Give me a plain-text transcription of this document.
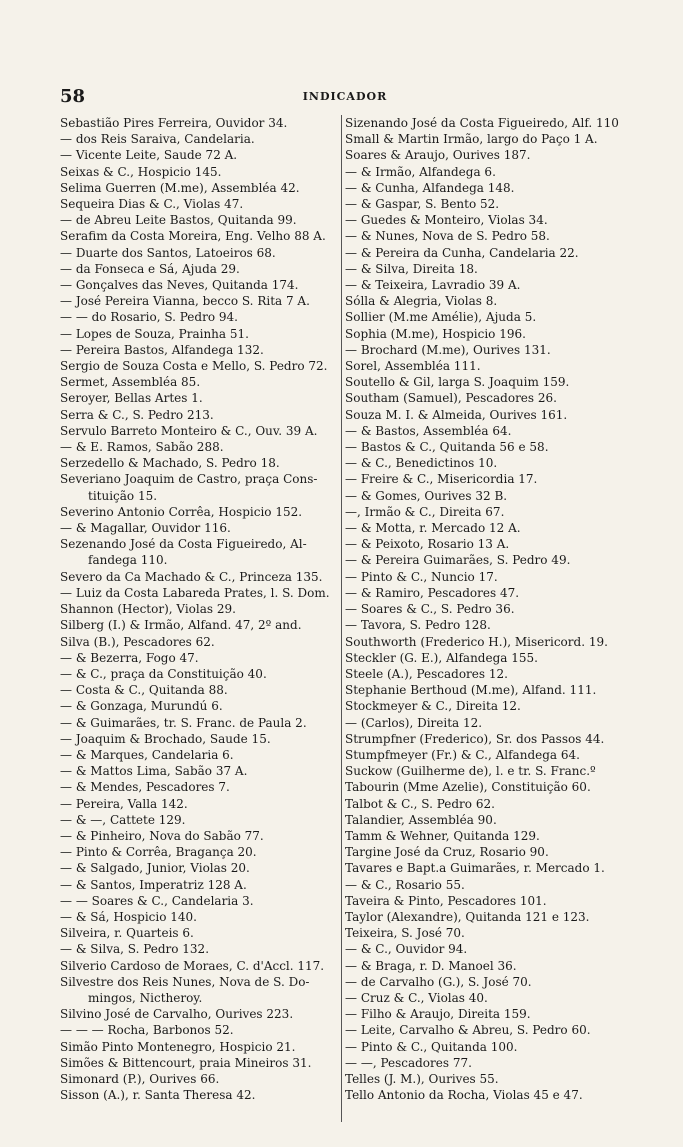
58	INDICADOR
Sebastião Pires Ferreira, Ouvidor 34.
— dos Reis Saraiva, Candelaria.
— Vicente Leite, Saude 72 A.
Seixas & C., Hospicio 145.
Selima Guerren (M.me), Assembléa 42.
Sequeira Dias & C., Violas 47.
— de Abreu Leite Bastos, Quitanda 99.
Serafim da Costa Moreira, Eng. Velho 88 A.
— Duarte dos Santos, Latoeiros 68.
— da Fonseca e Sá, Ajuda 29.
— Gonçalves das Neves, Quitanda 174.
— José Pereira Vianna, becco S. Rita 7 A.
— — do Rosario, S. Pedro 94.
— Lopes de Souza, Prainha 51.
— Pereira Bastos, Alfandega 132.
Sergio de Souza Costa e Mello, S. Pedro 72.
Sermet, Assembléa 85.
Seroyer, Bellas Artes 1.
Serra & C., S. Pedro 213.
Servulo Barreto Monteiro & C., Ouv. 39 A.
— & E. Ramos, Sabão 288.
Serzedello & Machado, S. Pedro 18.
Severiano Joaquim de Castro, praça Cons-
tituição 15.
Severino Antonio Corrêa, Hospicio 152.
— & Magallar, Ouvidor 116.
Sezenando José da Costa Figueiredo, Al-
fandega 110.
Severo da Ca Machado & C., Princeza 135.
— Luiz da Costa Labareda Prates, l. S. Dom.
Shannon (Hector), Violas 29.
Silberg (I.) & Irmão, Alfand. 47, 2º and.
Silva (B.), Pescadores 62.
— & Bezerra, Fogo 47.
— & C., praça da Constituição 40.
— Costa & C., Quitanda 88.
— & Gonzaga, Murundú 6.
— & Guimarães, tr. S. Franc. de Paula 2.
— Joaquim & Brochado, Saude 15.
— & Marques, Candelaria 6.
— & Mattos Lima, Sabão 37 A.
— & Mendes, Pescadores 7.
— Pereira, Valla 142.
— & —, Cattete 129.
— & Pinheiro, Nova do Sabão 77.
— Pinto & Corrêa, Bragança 20.
— & Salgado, Junior, Violas 20.
— & Santos, Imperatriz 128 A.
— — Soares & C., Candelaria 3.
— & Sá, Hospicio 140.
Silveira, r. Quarteis 6.
— & Silva, S. Pedro 132.
Silverio Cardoso de Moraes, C. d'Accl. 117.
Silvestre dos Reis Nunes, Nova de S. Do-
mingos, Nictheroy.
Silvino José de Carvalho, Ourives 223.
— — — Rocha, Barbonos 52.
Simão Pinto Montenegro, Hospicio 21.
Simões & Bittencourt, praia Mineiros 31.
Simonard (P.), Ourives 66.
Sisson (A.), r. Santa Theresa 42.
Sizenando José da Costa Figueiredo, Alf. 110
Small & Martin Irmão, largo do Paço 1 A.
Soares & Araujo, Ourives 187.
— & Irmão, Alfandega 6.
— & Cunha, Alfandega 148.
— & Gaspar, S. Bento 52.
— Guedes & Monteiro, Violas 34.
— & Nunes, Nova de S. Pedro 58.
— & Pereira da Cunha, Candelaria 22.
— & Silva, Direita 18.
— & Teixeira, Lavradio 39 A.
Sólla & Alegria, Violas 8.
Sollier (M.me Amélie), Ajuda 5.
Sophia (M.me), Hospicio 196.
— Brochard (M.me), Ourives 131.
Sorel, Assembléa 111.
Soutello & Gil, larga S. Joaquim 159.
Southam (Samuel), Pescadores 26.
Souza M. I. & Almeida, Ourives 161.
— & Bastos, Assembléa 64.
— Bastos & C., Quitanda 56 e 58.
— & C., Benedictinos 10.
— Freire & C., Misericordia 17.
— & Gomes, Ourives 32 B.
—, Irmão & C., Direita 67.
— & Motta, r. Mercado 12 A.
— & Peixoto, Rosario 13 A.
— & Pereira Guimarães, S. Pedro 49.
— Pinto & C., Nuncio 17.
— & Ramiro, Pescadores 47.
— Soares & C., S. Pedro 36.
— Tavora, S. Pedro 128.
Southworth (Frederico H.), Misericord. 19.
Steckler (G. E.), Alfandega 155.
Steele (A.), Pescadores 12.
Stephanie Berthoud (M.me), Alfand. 111.
Stockmeyer & C., Direita 12.
— (Carlos), Direita 12.
Strumpfner (Frederico), Sr. dos Passos 44.
Stumpfmeyer (Fr.) & C., Alfandega 64.
Suckow (Guilherme de), l. e tr. S. Franc.º
Tabourin (Mme Azelie), Constituição 60.
Talbot & C., S. Pedro 62.
Talandier, Assembléa 90.
Tamm & Wehner, Quitanda 129.
Targine José da Cruz, Rosario 90.
Tavares e Bapt.a Guimarães, r. Mercado 1.
— & C., Rosario 55.
Taveira & Pinto, Pescadores 101.
Taylor (Alexandre), Quitanda 121 e 123.
Teixeira, S. José 70.
— & C., Ouvidor 94.
— & Braga, r. D. Manoel 36.
— de Carvalho (G.), S. José 70.
— Cruz & C., Violas 40.
— Filho & Araujo, Direita 159.
— Leite, Carvalho & Abreu, S. Pedro 60.
— Pinto & C., Quitanda 100.
— —, Pescadores 77.
Telles (J. M.), Ourives 55.
Tello Antonio da Rocha, Violas 45 e 47.
